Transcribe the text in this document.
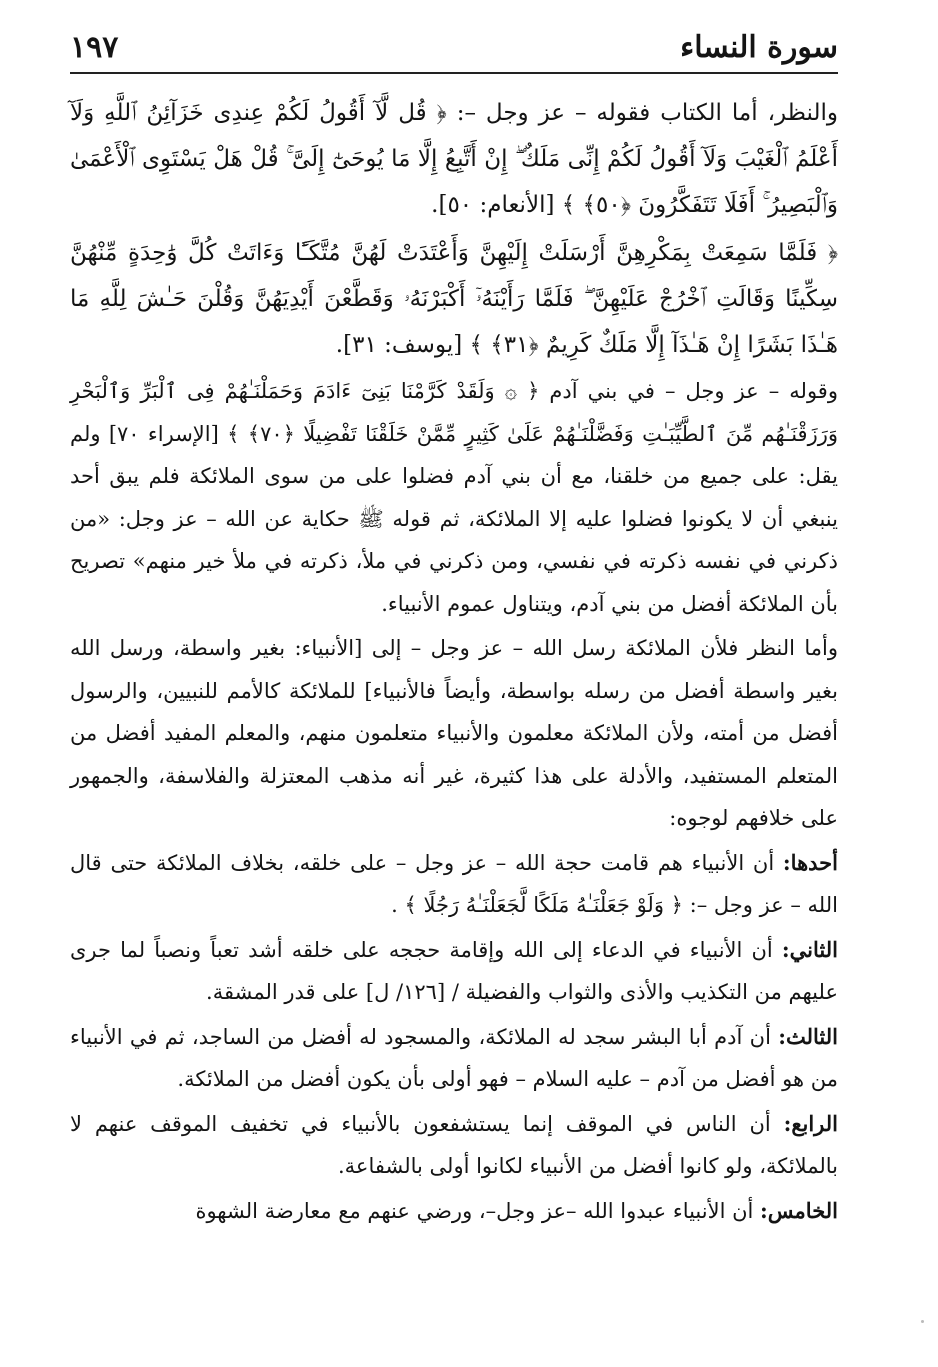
سورة النساء
١٩٧

والنظر، أما الكتاب فقوله – عز وجل –: ﴿ قُل لَّآ أَقُولُ لَكُمْ عِندِى خَزَآئِنُ ٱللَّهِ وَلَآ أَعْلَمُ ٱلْغَيْبَ وَلَآ أَقُولُ لَكُمْ إِنِّى مَلَكٌ ۖ إِنْ أَتَّبِعُ إِلَّا مَا يُوحَىٰٓ إِلَىَّ ۚ قُلْ هَلْ يَسْتَوِى ٱلْأَعْمَىٰ وَٱلْبَصِيرُ ۚ أَفَلَا تَتَفَكَّرُونَ ﴿٥٠﴾ ﴾ [الأنعام: ٥٠].

﴿ فَلَمَّا سَمِعَتْ بِمَكْرِهِنَّ أَرْسَلَتْ إِلَيْهِنَّ وَأَعْتَدَتْ لَهُنَّ مُتَّكَـًٔا وَءَاتَتْ كُلَّ وَٰحِدَةٍ مِّنْهُنَّ سِكِّينًا وَقَالَتِ ٱخْرُجْ عَلَيْهِنَّ ۖ فَلَمَّا رَأَيْنَهُۥٓ أَكْبَرْنَهُۥ وَقَطَّعْنَ أَيْدِيَهُنَّ وَقُلْنَ حَـٰشَ لِلَّهِ مَا هَـٰذَا بَشَرًا إِنْ هَـٰذَآ إِلَّا مَلَكٌ كَرِيمٌ ﴿٣١﴾ ﴾ [يوسف: ٣١].

وقوله – عز وجل – في بني آدم ﴿ ۞ وَلَقَدْ كَرَّمْنَا بَنِىٓ ءَادَمَ وَحَمَلْنَـٰهُمْ فِى ٱلْبَرِّ وَٱلْبَحْرِ وَرَزَقْنَـٰهُم مِّنَ ٱلطَّيِّبَـٰتِ وَفَضَّلْنَـٰهُمْ عَلَىٰ كَثِيرٍ مِّمَّنْ خَلَقْنَا تَفْضِيلًا ﴿٧٠﴾ ﴾ [الإسراء ٧٠] ولم يقل: على جميع من خلقنا، مع أن بني آدم فضلوا على من سوى الملائكة فلم يبق أحد ينبغي أن لا يكونوا فضلوا عليه إلا الملائكة، ثم قوله ﷺ حكاية عن الله – عز وجل: «من ذكرني في نفسه ذكرته في نفسي، ومن ذكرني في ملأ، ذكرته في ملأ خير منهم» تصريح بأن الملائكة أفضل من بني آدم، ويتناول عموم الأنبياء.

وأما النظر فلأن الملائكة رسل الله – عز وجل – إلى [الأنبياء: بغير واسطة، ورسل الله بغير واسطة أفضل من رسله بواسطة، وأيضاً فالأنبياء] للملائكة كالأمم للنبيين، والرسول أفضل من أمته، ولأن الملائكة معلمون والأنبياء متعلمون منهم، والمعلم المفيد أفضل من المتعلم المستفيد، والأدلة على هذا كثيرة، غير أنه مذهب المعتزلة والفلاسفة، والجمهور على خلافهم لوجوه:

أحدها: أن الأنبياء هم قامت حجة الله – عز وجل – على خلقه، بخلاف الملائكة حتى قال الله – عز وجل –: ﴿ وَلَوْ جَعَلْنَـٰهُ مَلَكًا لَّجَعَلْنَـٰهُ رَجُلًا ﴾ .

الثاني: أن الأنبياء في الدعاء إلى الله وإقامة حججه على خلقه أشد تعباً ونصباً لما جرى عليهم من التكذيب والأذى والثواب والفضيلة / [١٢٦/ ل] على قدر المشقة.

الثالث: أن آدم أبا البشر سجد له الملائكة، والمسجود له أفضل من الساجد، ثم في الأنبياء من هو أفضل من آدم – عليه السلام – فهو أولى بأن يكون أفضل من الملائكة.

الرابع: أن الناس في الموقف إنما يستشفعون بالأنبياء في تخفيف الموقف عنهم لا بالملائكة، ولو كانوا أفضل من الأنبياء لكانوا أولى بالشفاعة.

الخامس: أن الأنبياء عبدوا الله –عز وجل–، ورضي عنهم مع معارضة الشهوة
